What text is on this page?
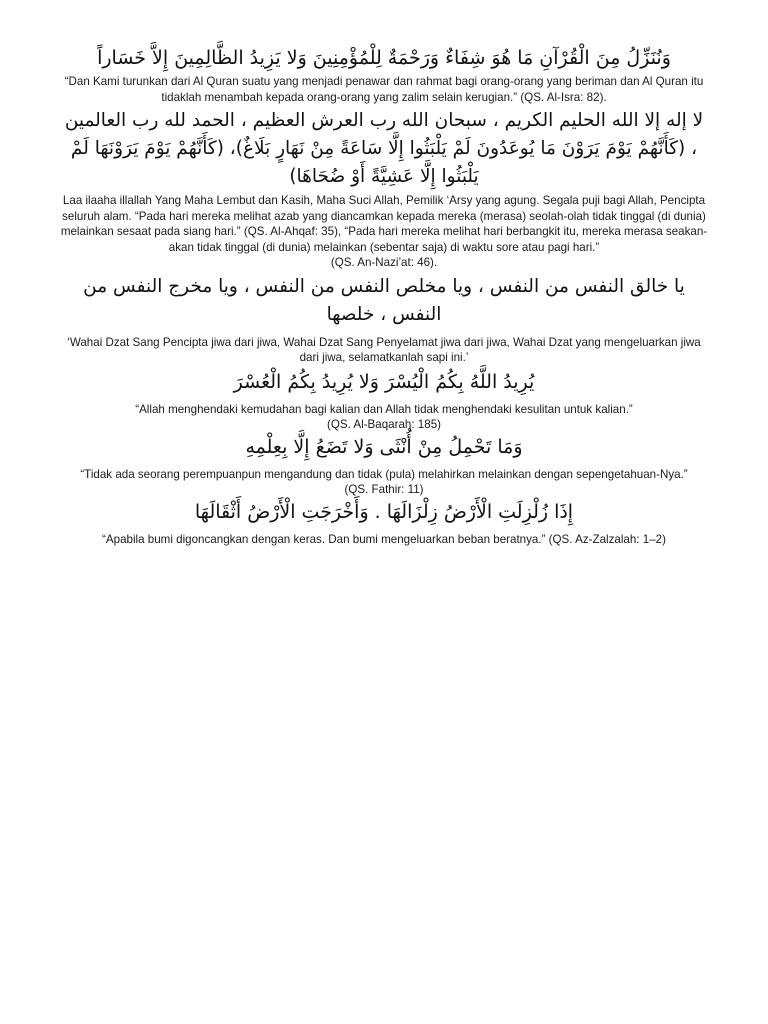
وَنُنَزِّلُ مِنَ الْقُرْآنِ مَا هُوَ شِفَاءٌ وَرَحْمَةٌ لِلْمُؤْمِنِينَ وَلا يَزِيدُ الظَّالِمِينَ إِلاَّ خَسَاراً

“Dan Kami turunkan dari Al Quran suatu yang menjadi penawar dan rahmat bagi orang-orang yang beriman dan Al Quran itu tidaklah menambah kepada orang-orang yang zalim selain kerugian.” (QS. Al-Isra: 82).

لا إله إلا الله الحليم الكريم ، سبحان الله رب العرش العظيم ، الحمد لله رب العالمين ، (كَأَنَّهُمْ يَوْمَ يَرَوْنَ مَا يُوعَدُونَ لَمْ يَلْبَثُوا إِلَّا سَاعَةً مِنْ نَهَارٍ بَلَاغٌ)، (كَأَنَّهُمْ يَوْمَ يَرَوْنَهَا لَمْ يَلْبَثُوا إِلَّا عَشِيَّةً أَوْ ضُحَاهَا)

Laa ilaaha illallah Yang Maha Lembut dan Kasih, Maha Suci Allah, Pemilik ‘Arsy yang agung. Segala puji bagi Allah, Pencipta seluruh alam. “Pada hari mereka melihat azab yang diancamkan kepada mereka (merasa) seolah-olah tidak tinggal (di dunia) melainkan sesaat pada siang hari.” (QS. Al-Ahqaf: 35), “Pada hari mereka melihat hari berbangkit itu, mereka merasa seakan-akan tidak tinggal (di dunia) melainkan (sebentar saja) di waktu sore atau pagi hari.”

(QS. An-Nazi’at: 46).

يا خالق النفس من النفس ، ويا مخلص النفس من النفس ، ويا مخرج النفس من النفس ، خلصها

‘Wahai Dzat Sang Pencipta jiwa dari jiwa, Wahai Dzat Sang Penyelamat jiwa dari jiwa, Wahai Dzat yang mengeluarkan jiwa dari jiwa, selamatkanlah sapi ini.’

يُرِيدُ اللَّهُ بِكُمُ الْيُسْرَ وَلا يُرِيدُ بِكُمُ الْعُسْرَ

“Allah menghendaki kemudahan bagi kalian dan Allah tidak menghendaki kesulitan untuk kalian.”

(QS. Al-Baqarah: 185)

وَمَا تَحْمِلُ مِنْ أُنْثَى وَلا تَضَعُ إِلَّا بِعِلْمِهِ

“Tidak ada seorang perempuanpun mengandung dan tidak (pula) melahirkan melainkan dengan sepengetahuan-Nya.”

(QS. Fathir: 11)

إِذَا زُلْزِلَتِ الْأَرْضُ زِلْزَالَهَا . وَأَخْرَجَتِ الْأَرْضُ أَثْقَالَهَا

“Apabila bumi digoncangkan dengan keras. Dan bumi mengeluarkan beban beratnya.” (QS. Az-Zalzalah: 1–2)
